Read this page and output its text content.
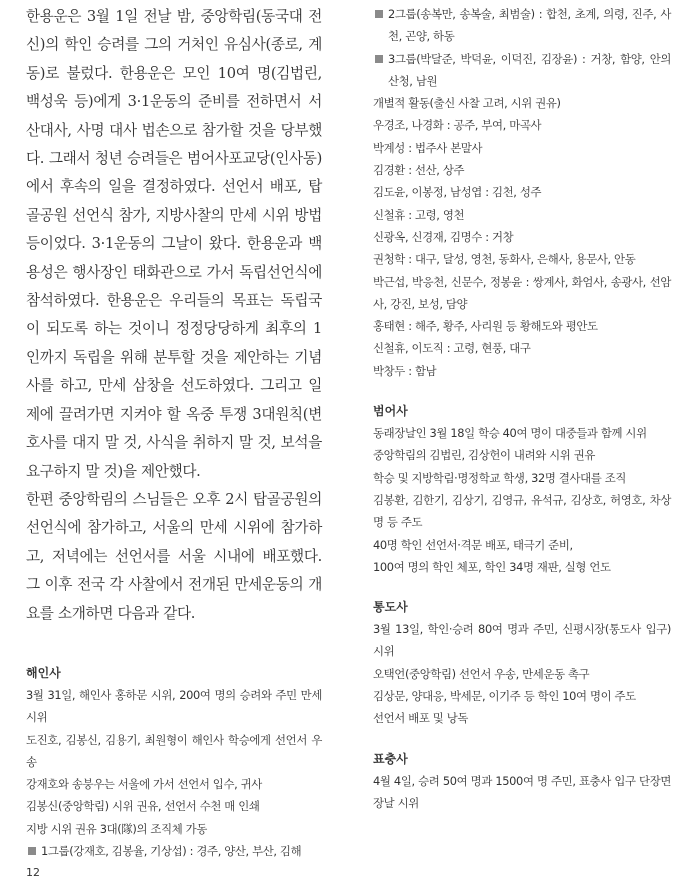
한용운은 3월 1일 전날 밤, 중앙학림(동국대 전신)의 학인 승려를 그의 거처인 유심사(종로, 계동)로 불렀다. 한용운은 모인 10여 명(김법린, 백성욱 등)에게 3·1운동의 준비를 전하면서 서산대사, 사명 대사 법손으로 참가할 것을 당부했다. 그래서 청년 승려들은 범어사포교당(인사동)에서 후속의 일을 결정하였다. 선언서 배포, 탑골공원 선언식 참가, 지방사찰의 만세 시위 방법 등이었다. 3·1운동의 그날이 왔다. 한용운과 백용성은 행사장인 태화관으로 가서 독립선언식에 참석하였다. 한용운은 우리들의 목표는 독립국이 되도록 하는 것이니 정정당당하게 최후의 1인까지 독립을 위해 분투할 것을 제안하는 기념사를 하고, 만세 삼창을 선도하였다. 그리고 일제에 끌려가면 지켜야 할 옥중 투쟁 3대원칙(변호사를 대지 말 것, 사식을 취하지 말 것, 보석을 요구하지 말 것)을 제안했다.

한편 중앙학림의 스님들은 오후 2시 탑골공원의 선언식에 참가하고, 서울의 만세 시위에 참가하고, 저녁에는 선언서를 서울 시내에 배포했다. 그 이후 전국 각 사찰에서 전개된 만세운동의 개요를 소개하면 다음과 같다.

해인사

3월 31일, 해인사 홍하문 시위, 200여 명의 승려와 주민 만세 시위

도진호, 김봉신, 김용기, 최원형이 해인사 학승에게 선언서 우송

강재호와 송붕우는 서울에 가서 선언서 입수, 귀사

김봉신(중앙학림) 시위 권유, 선언서 수천 매 인쇄

지방 시위 권유 3대(隊)의 조직체 가동

1그룹(강재호, 김봉율, 기상섭) : 경주, 양산, 부산, 김해

2그룹(송복만, 송복술, 최범술) : 합천, 초계, 의령, 진주, 사천, 곤양, 하동

3그룹(박달준, 박덕윤, 이덕진, 김장윤) : 거창, 함양, 안의 산청, 남원

개별적 활동(출신 사찰 고려, 시위 권유)

우경조, 나경화 : 공주, 부여, 마곡사

박계성 : 법주사 본말사

김경환 : 선산, 상주

김도윤, 이봉정, 남성엽 : 김천, 성주

신철휴 : 고령, 영천

신광옥, 신경재, 김명수 : 거창

권청학 : 대구, 달성, 영천, 동화사, 은해사, 용문사, 안동

박근섭, 박응천, 신문수, 정봉윤 : 쌍계사, 화엄사, 송광사, 선암사, 강진, 보성, 담양

홍태현 : 해주, 황주, 사리원 등 황해도와 평안도

신철휴, 이도직 : 고령, 현풍, 대구

박창두 : 함남

범어사

동래장날인 3월 18일 학승 40여 명이 대중들과 함께 시위

중앙학림의 김법린, 김상헌이 내려와 시위 권유

학승 및 지방학림·명정학교 학생, 32명 결사대를 조직

김봉환, 김한기, 김상기, 김영규, 유석규, 김상호, 허영호, 차상명 등 주도

40명 학인 선언서·격문 배포, 태극기 준비,

100여 명의 학인 체포, 학인 34명 재판, 실형 언도

통도사

3월 13일, 학인·승려 80여 명과 주민, 신평시장(통도사 입구) 시위

오택언(중앙학림) 선언서 우송, 만세운동 촉구

김상문, 양대응, 박세문, 이기주 등 학인 10여 명이 주도

선언서 배포 및 낭독

표충사

4월 4일, 승려 50여 명과 1500여 명 주민, 표충사 입구 단장면 장날 시위

12
